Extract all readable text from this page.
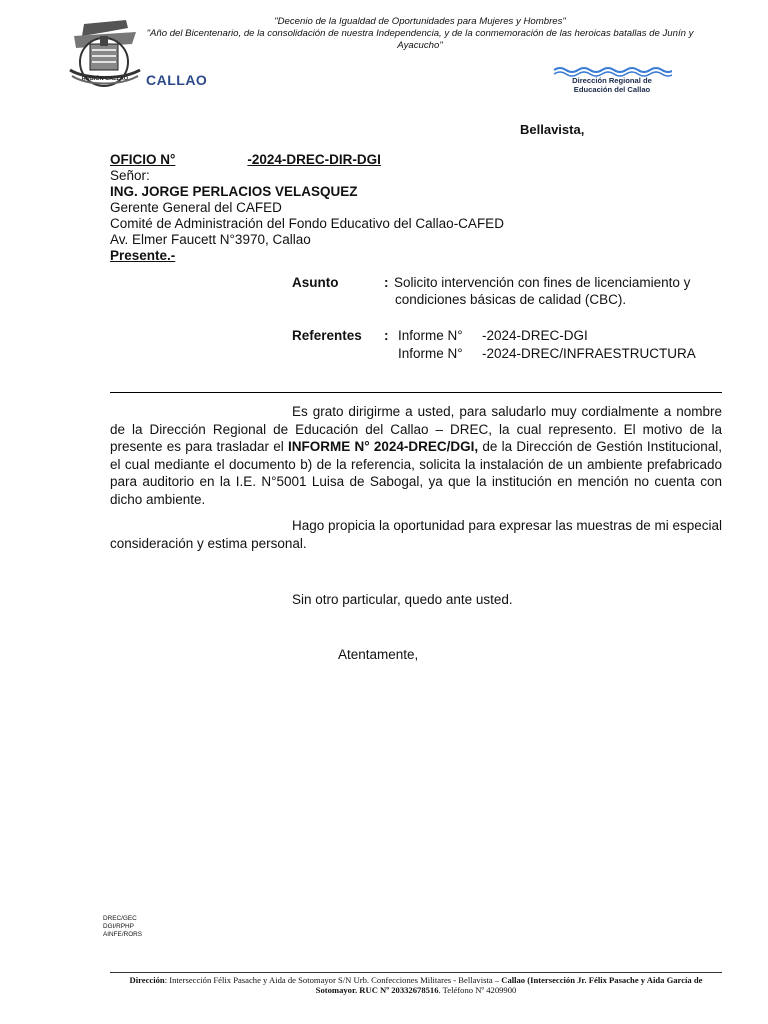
"Decenio de la Igualdad de Oportunidades para Mujeres y Hombres"
"Año del Bicentenario, de la consolidación de nuestra Independencia, y de la conmemoración de las heroicas batallas de Junín y
Ayacucho"
REGIÓN CALLAO CALLAO	Dirección Regional de
Educación del Callao
Bellavista,
OFICIO N°	-2024-DREC-DIR-DGI
Señor:
ING. JORGE PERLACIOS VELASQUEZ
Gerente General del CAFED
Comité de Administración del Fondo Educativo del Callao-CAFED
Av. Elmer Faucett N°3970, Callao
Presente.-
Asunto	: Solicito intervención con fines de licenciamiento y
condiciones básicas de calidad (CBC).
Referentes	: Informe N° -2024-DREC-DGI
Informe N° -2024-DREC/INFRAESTRUCTURA

Es grato dirigirme a usted, para saludarlo muy cordialmente a nombre de la Dirección Regional de Educación del Callao – DREC, la cual represento. El motivo de la presente es para trasladar el INFORME N° 2024-DREC/DGI, de la Dirección de Gestión Institucional, el cual mediante el documento b) de la referencia, solicita la instalación de un ambiente prefabricado para auditorio en la I.E. N°5001 Luisa de Sabogal, ya que la institución en mención no cuenta con dicho ambiente.

Hago propicia la oportunidad para expresar las muestras de mi especial consideración y estima personal.

Sin otro particular, quedo ante usted.
Atentamente,
DREC/GEC
DGI/RPHP
AINFE/RORS
Dirección: Intersección Félix Pasache y Aida de Sotomayor S/N Urb. Confecciones Militares - Bellavista – Callao (Intersección Jr. Félix Pasache y Aida García de Sotomayor. RUC Nº 20332678516. Teléfono Nº 4209900
